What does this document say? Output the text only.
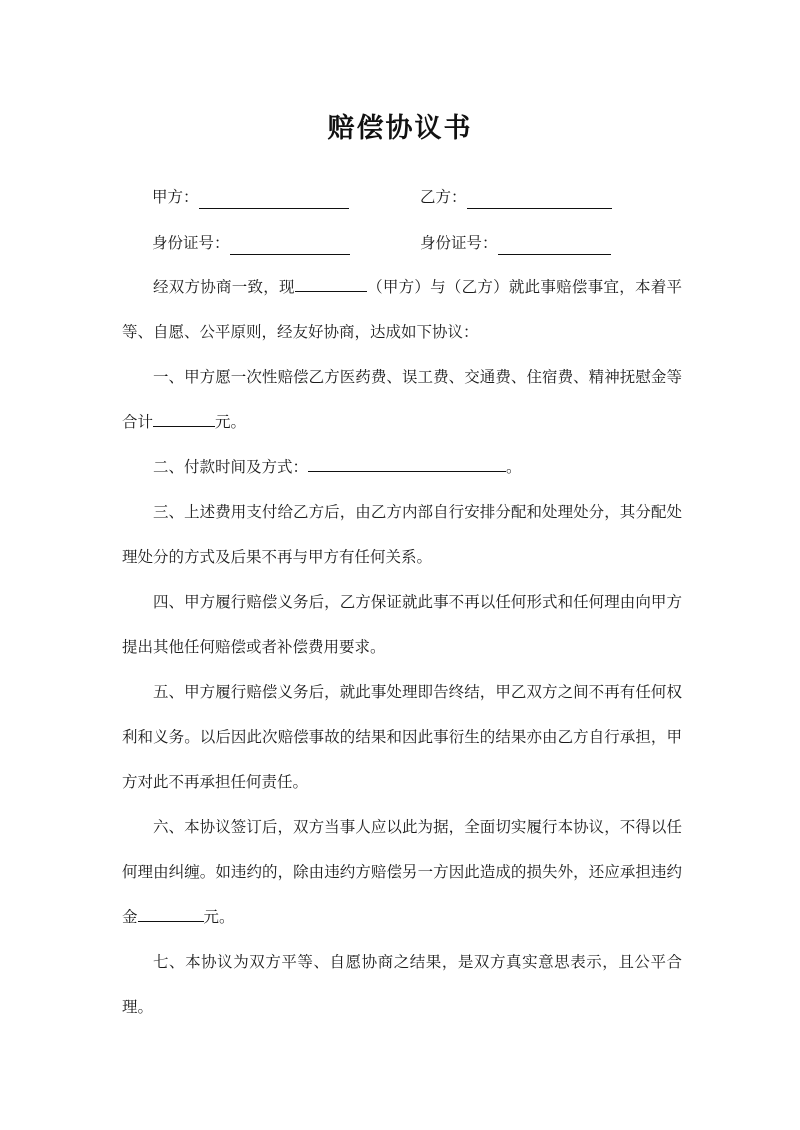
赔偿协议书
甲方：	乙方：
身份证号：	身份证号：

经双方协商一致，现	（甲方）与（乙方）就此事赔偿事宜，本着平等、自愿、公平原则，经友好协商，达成如下协议：

一、甲方愿一次性赔偿乙方医药费、误工费、交通费、住宿费、精神抚慰金等合计	元。

二、付款时间及方式：	。

三、上述费用支付给乙方后，由乙方内部自行安排分配和处理处分，其分配处理处分的方式及后果不再与甲方有任何关系。

四、甲方履行赔偿义务后，乙方保证就此事不再以任何形式和任何理由向甲方提出其他任何赔偿或者补偿费用要求。

五、甲方履行赔偿义务后，就此事处理即告终结，甲乙双方之间不再有任何权利和义务。以后因此次赔偿事故的结果和因此事衍生的结果亦由乙方自行承担，甲方对此不再承担任何责任。

六、本协议签订后，双方当事人应以此为据，全面切实履行本协议，不得以任何理由纠缠。如违约的，除由违约方赔偿另一方因此造成的损失外，还应承担违约金	元。

七、本协议为双方平等、自愿协商之结果，是双方真实意思表示，且公平合理。
